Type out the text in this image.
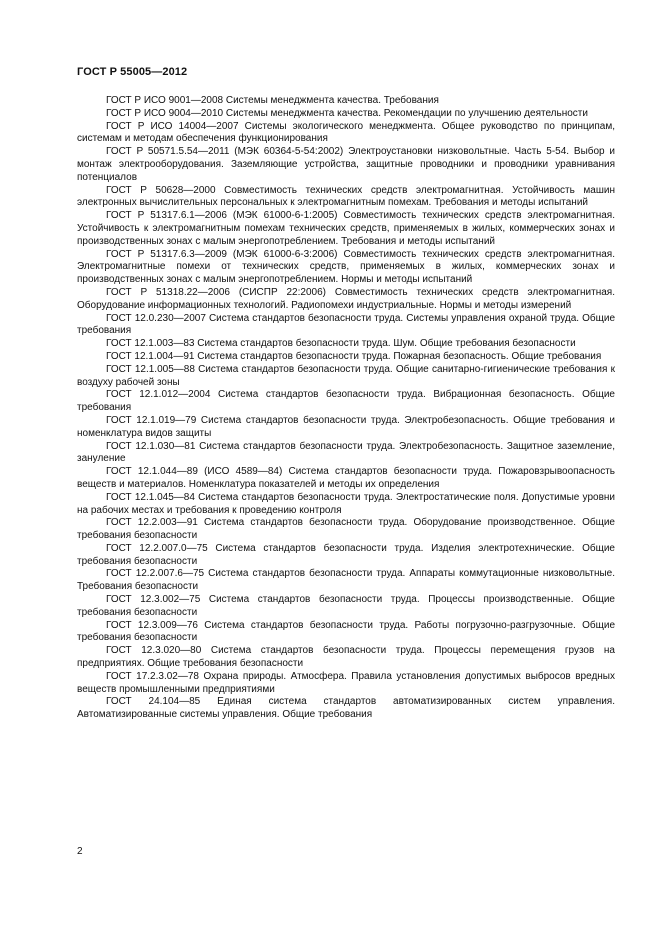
ГОСТ Р 55005—2012

ГОСТ Р ИСО 9001—2008 Системы менеджмента качества. Требования

ГОСТ Р ИСО 9004—2010 Системы менеджмента качества. Рекомендации по улучшению деятельности

ГОСТ Р ИСО 14004—2007 Системы экологического менеджмента. Общее руководство по принципам, системам и методам обеспечения функционирования

ГОСТ Р 50571.5.54—2011 (МЭК 60364-5-54:2002) Электроустановки низковольтные. Часть 5-54. Выбор и монтаж электрооборудования. Заземляющие устройства, защитные проводники и проводники уравнивания потенциалов

ГОСТ Р 50628—2000 Совместимость технических средств электромагнитная. Устойчивость машин электронных вычислительных персональных к электромагнитным помехам. Требования и методы испытаний

ГОСТ Р 51317.6.1—2006 (МЭК 61000-6-1:2005) Совместимость технических средств электромагнитная. Устойчивость к электромагнитным помехам технических средств, применяемых в жилых, коммерческих зонах и производственных зонах с малым энергопотреблением. Требования и методы испытаний

ГОСТ Р 51317.6.3—2009 (МЭК 61000-6-3:2006) Совместимость технических средств электромагнитная. Электромагнитные помехи от технических средств, применяемых в жилых, коммерческих зонах и производственных зонах с малым энергопотреблением. Нормы и методы испытаний

ГОСТ Р 51318.22—2006 (СИСПР 22:2006) Совместимость технических средств электромагнитная. Оборудование информационных технологий. Радиопомехи индустриальные. Нормы и методы измерений

ГОСТ 12.0.230—2007 Система стандартов безопасности труда. Системы управления охраной труда. Общие требования

ГОСТ 12.1.003—83 Система стандартов безопасности труда. Шум. Общие требования безопасности

ГОСТ 12.1.004—91 Система стандартов безопасности труда. Пожарная безопасность. Общие требования

ГОСТ 12.1.005—88 Система стандартов безопасности труда. Общие санитарно-гигиенические требования к воздуху рабочей зоны

ГОСТ 12.1.012—2004 Система стандартов безопасности труда. Вибрационная безопасность. Общие требования

ГОСТ 12.1.019—79 Система стандартов безопасности труда. Электробезопасность. Общие требования и номенклатура видов защиты

ГОСТ 12.1.030—81 Система стандартов безопасности труда. Электробезопасность. Защитное заземление, зануление

ГОСТ 12.1.044—89 (ИСО 4589—84) Система стандартов безопасности труда. Пожаровзрывоопасность веществ и материалов. Номенклатура показателей и методы их определения

ГОСТ 12.1.045—84 Система стандартов безопасности труда. Электростатические поля. Допустимые уровни на рабочих местах и требования к проведению контроля

ГОСТ 12.2.003—91 Система стандартов безопасности труда. Оборудование производственное. Общие требования безопасности

ГОСТ 12.2.007.0—75 Система стандартов безопасности труда. Изделия электротехнические. Общие требования безопасности

ГОСТ 12.2.007.6—75 Система стандартов безопасности труда. Аппараты коммутационные низковольтные. Требования безопасности

ГОСТ 12.3.002—75 Система стандартов безопасности труда. Процессы производственные. Общие требования безопасности

ГОСТ 12.3.009—76 Система стандартов безопасности труда. Работы погрузочно-разгрузочные. Общие требования безопасности

ГОСТ 12.3.020—80 Система стандартов безопасности труда. Процессы перемещения грузов на предприятиях. Общие требования безопасности

ГОСТ 17.2.3.02—78 Охрана природы. Атмосфера. Правила установления допустимых выбросов вредных веществ промышленными предприятиями

ГОСТ 24.104—85 Единая система стандартов автоматизированных систем управления. Автоматизированные системы управления. Общие требования

2
